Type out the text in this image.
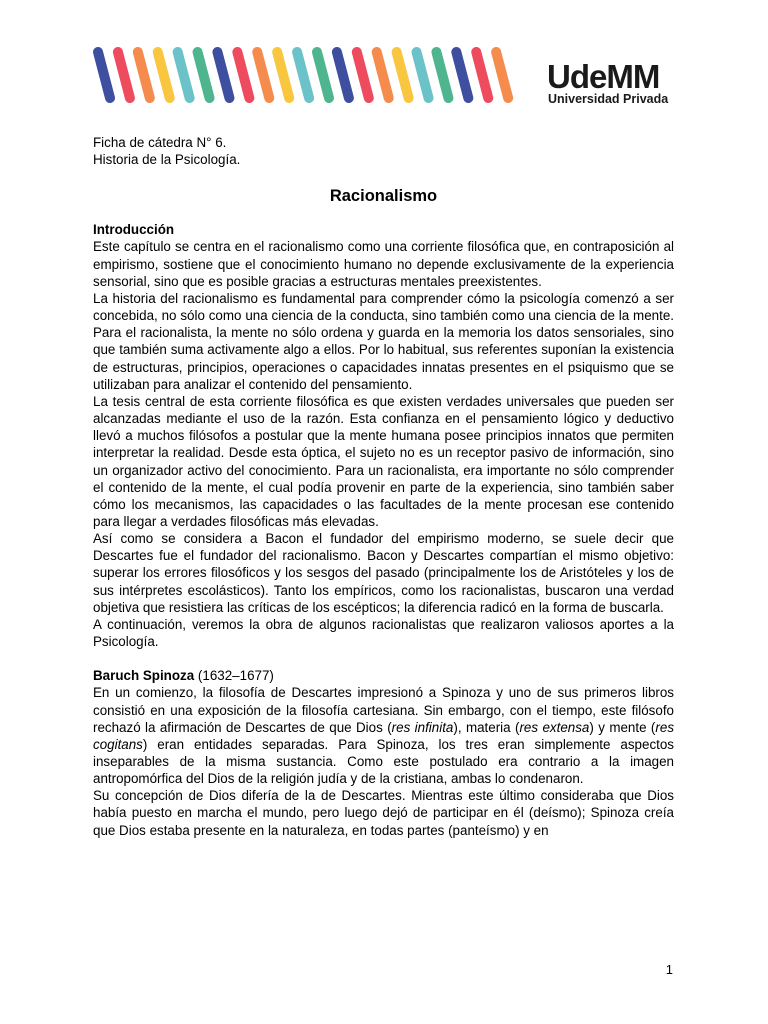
UdeMM
Universidad Privada

Ficha de cátedra N° 6.

Historia de la Psicología.

Racionalismo

Introducción

Este capítulo se centra en el racionalismo como una corriente filosófica que, en contraposición al empirismo, sostiene que el conocimiento humano no depende exclusivamente de la experiencia sensorial, sino que es posible gracias a estructuras mentales preexistentes.

La historia del racionalismo es fundamental para comprender cómo la psicología comenzó a ser concebida, no sólo como una ciencia de la conducta, sino también como una ciencia de la mente. Para el racionalista, la mente no sólo ordena y guarda en la memoria los datos sensoriales, sino que también suma activamente algo a ellos. Por lo habitual, sus referentes suponían la existencia de estructuras, principios, operaciones o capacidades innatas presentes en el psiquismo que se utilizaban para analizar el contenido del pensamiento.

La tesis central de esta corriente filosófica es que existen verdades universales que pueden ser alcanzadas mediante el uso de la razón. Esta confianza en el pensamiento lógico y deductivo llevó a muchos filósofos a postular que la mente humana posee principios innatos que permiten interpretar la realidad. Desde esta óptica, el sujeto no es un receptor pasivo de información, sino un organizador activo del conocimiento. Para un racionalista, era importante no sólo comprender el contenido de la mente, el cual podía provenir en parte de la experiencia, sino también saber cómo los mecanismos, las capacidades o las facultades de la mente procesan ese contenido para llegar a verdades filosóficas más elevadas.

Así como se considera a Bacon el fundador del empirismo moderno, se suele decir que Descartes fue el fundador del racionalismo. Bacon y Descartes compartían el mismo objetivo: superar los errores filosóficos y los sesgos del pasado (principalmente los de Aristóteles y los de sus intérpretes escolásticos). Tanto los empíricos, como los racionalistas, buscaron una verdad objetiva que resistiera las críticas de los escépticos; la diferencia radicó en la forma de buscarla.

A continuación, veremos la obra de algunos racionalistas que realizaron valiosos aportes a la Psicología.

Baruch Spinoza (1632–1677)

En un comienzo, la filosofía de Descartes impresionó a Spinoza y uno de sus primeros libros consistió en una exposición de la filosofía cartesiana. Sin embargo, con el tiempo, este filósofo rechazó la afirmación de Descartes de que Dios (res infinita), materia (res extensa) y mente (res cogitans) eran entidades separadas. Para Spinoza, los tres eran simplemente aspectos inseparables de la misma sustancia. Como este postulado era contrario a la imagen antropomórfica del Dios de la religión judía y de la cristiana, ambas lo condenaron.

Su concepción de Dios difería de la de Descartes. Mientras este último consideraba que Dios había puesto en marcha el mundo, pero luego dejó de participar en él (deísmo); Spinoza creía que Dios estaba presente en la naturaleza, en todas partes (panteísmo) y en

1
